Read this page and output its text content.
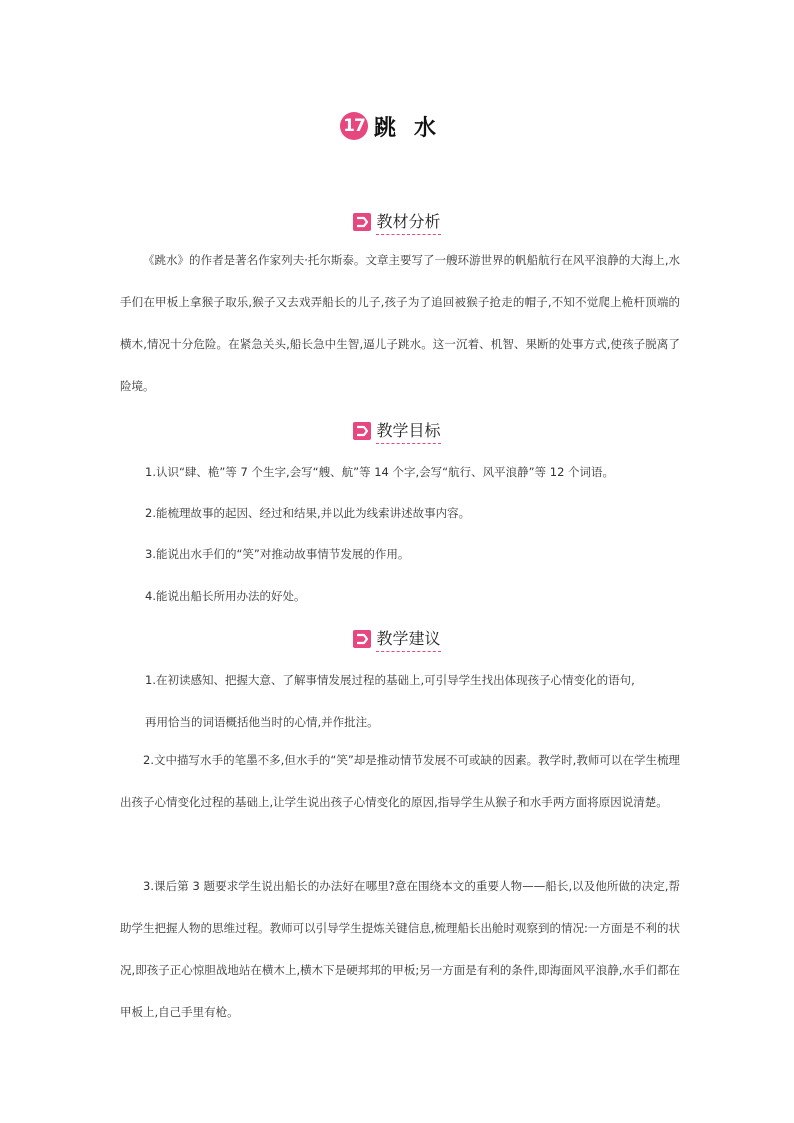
17 跳水
教材分析

《跳水》的作者是著名作家列夫·托尔斯泰。文章主要写了一艘环游世界的帆船航行在风平浪静的大海上,水手们在甲板上拿猴子取乐,猴子又去戏弄船长的儿子,孩子为了追回被猴子抢走的帽子,不知不觉爬上桅杆顶端的横木,情况十分危险。在紧急关头,船长急中生智,逼儿子跳水。这一沉着、机智、果断的处事方式,使孩子脱离了险境。

教学目标

1.认识“肆、桅”等 7 个生字,会写“艘、航”等 14 个字,会写“航行、风平浪静”等 12 个词语。

2.能梳理故事的起因、经过和结果,并以此为线索讲述故事内容。

3.能说出水手们的“笑”对推动故事情节发展的作用。

4.能说出船长所用办法的好处。

教学建议

1.在初读感知、把握大意、了解事情发展过程的基础上,可引导学生找出体现孩子心情变化的语句,

再用恰当的词语概括他当时的心情,并作批注。

2.文中描写水手的笔墨不多,但水手的“笑”却是推动情节发展不可或缺的因素。教学时,教师可以在学生梳理出孩子心情变化过程的基础上,让学生说出孩子心情变化的原因,指导学生从猴子和水手两方面将原因说清楚。

3.课后第 3 题要求学生说出船长的办法好在哪里?意在围绕本文的重要人物——船长,以及他所做的决定,帮助学生把握人物的思维过程。教师可以引导学生提炼关键信息,梳理船长出舱时观察到的情况:一方面是不利的状况,即孩子正心惊胆战地站在横木上,横木下是硬邦邦的甲板;另一方面是有利的条件,即海面风平浪静,水手们都在甲板上,自己手里有枪。
